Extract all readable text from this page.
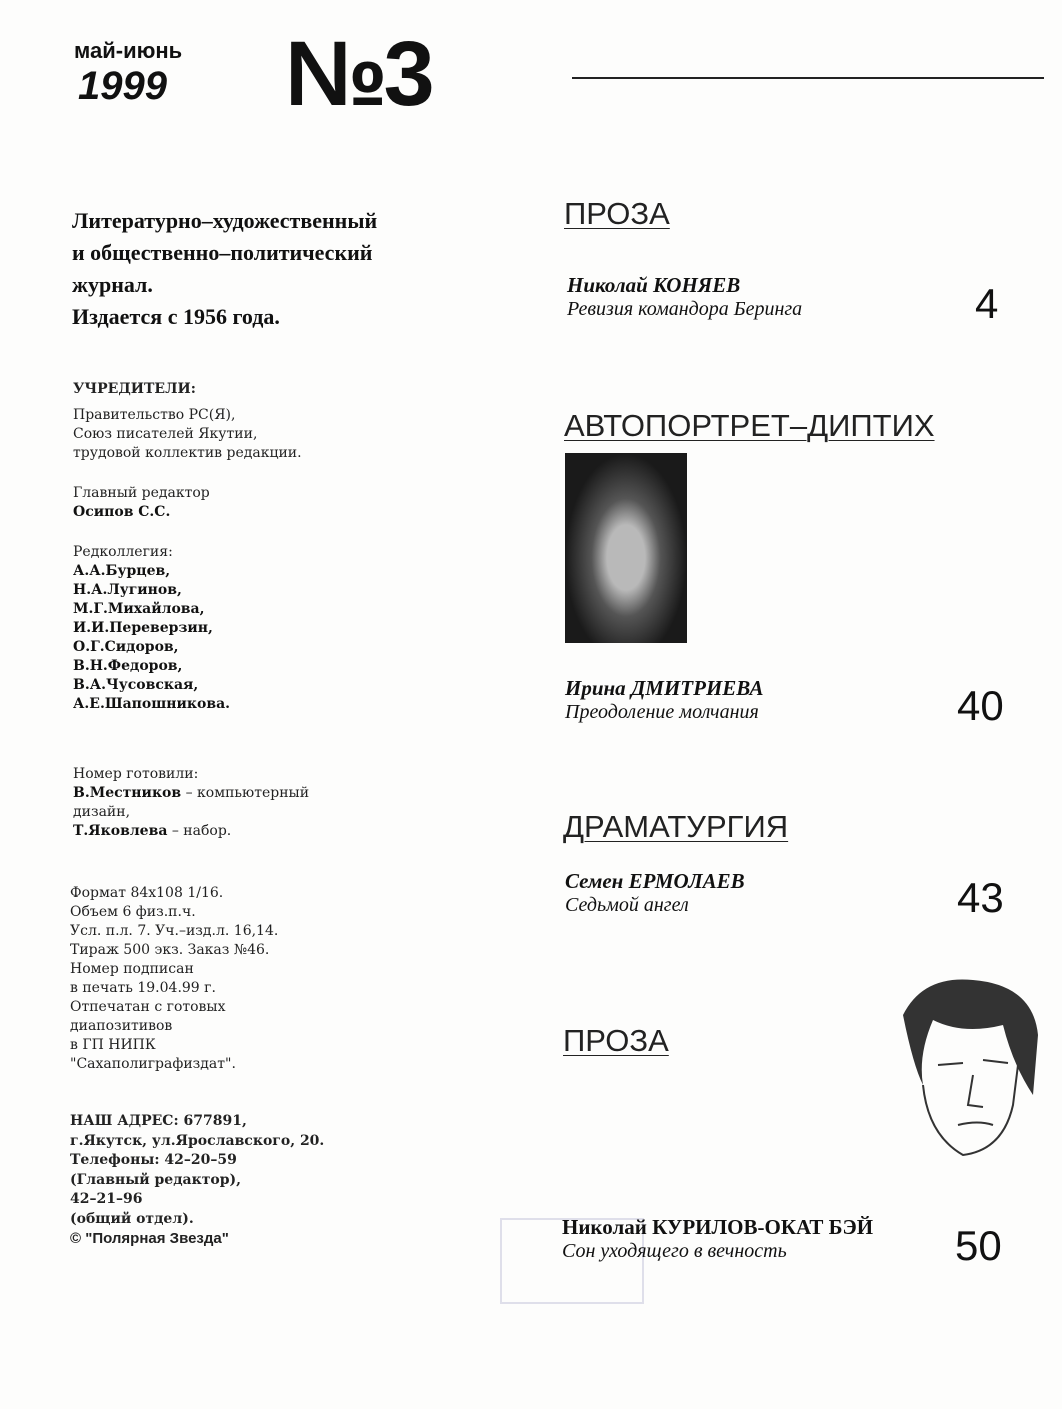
май-июнь
1999 №3
Литературно–художественный
и общественно–политический
журнал.
Издается с 1956 года.
УЧРЕДИТЕЛИ:
Правительство РС(Я),
Союз писателей Якутии,
трудовой коллектив редакции.
Главный редактор
Осипов С.С.
Редколлегия:
А.А.Бурцев,
Н.А.Лугинов,
М.Г.Михайлова,
И.И.Переверзин,
О.Г.Сидоров,
В.Н.Федоров,
В.А.Чусовская,
А.Е.Шапошникова.
Номер готовили:
В.Местников – компьютерный дизайн,
Т.Яковлева – набор.
Формат 84x108 1/16.
Объем 6 физ.п.ч.
Усл. п.л. 7. Уч.–изд.л. 16,14.
Тираж 500 экз. Заказ №46.
Номер подписан
в печать 19.04.99 г.
Отпечатан с готовых
диапозитивов
в ГП НИПК
"Сахаполиграфиздат".
НАШ АДРЕС: 677891,
г.Якутск, ул.Ярославского, 20.
Телефоны: 42–20–59
(Главный редактор),
42–21–96
(общий отдел).
© "Полярная Звезда"
ПРОЗА
Николай КОНЯЕВ
Ревизия командора Беринга	4
АВТОПОРТРЕТ–ДИПТИХ
Ирина ДМИТРИЕВА
Преодоление молчания	40
ДРАМАТУРГИЯ
Семен ЕРМОЛАЕВ
Седьмой ангел	43
ПРОЗА
Николай КУРИЛОВ-ОКАТ БЭЙ
Сон уходящего в вечность	50
